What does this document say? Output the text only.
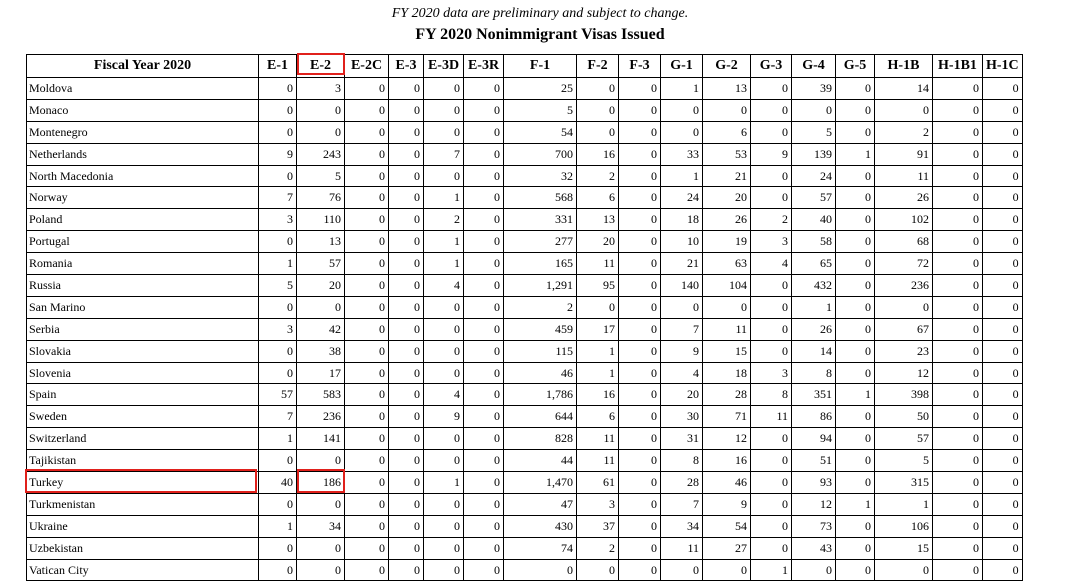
FY 2020 data are preliminary and subject to change.
FY 2020 Nonimmigrant Visas Issued
Fiscal Year 2020	E-1	E-2	E-2C	E-3	E-3D	E-3R	F-1	F-2	F-3	G-1	G-2	G-3	G-4	G-5	H-1B	H-1B1	H-1C
Moldova	0	3	0	0	0	0	25	0	0	1	13	0	39	0	14	0	0
Monaco	0	0	0	0	0	0	5	0	0	0	0	0	0	0	0	0	0
Montenegro	0	0	0	0	0	0	54	0	0	0	6	0	5	0	2	0	0
Netherlands	9	243	0	0	7	0	700	16	0	33	53	9	139	1	91	0	0
North Macedonia	0	5	0	0	0	0	32	2	0	1	21	0	24	0	11	0	0
Norway	7	76	0	0	1	0	568	6	0	24	20	0	57	0	26	0	0
Poland	3	110	0	0	2	0	331	13	0	18	26	2	40	0	102	0	0
Portugal	0	13	0	0	1	0	277	20	0	10	19	3	58	0	68	0	0
Romania	1	57	0	0	1	0	165	11	0	21	63	4	65	0	72	0	0
Russia	5	20	0	0	4	0	1,291	95	0	140	104	0	432	0	236	0	0
San Marino	0	0	0	0	0	0	2	0	0	0	0	0	1	0	0	0	0
Serbia	3	42	0	0	0	0	459	17	0	7	11	0	26	0	67	0	0
Slovakia	0	38	0	0	0	0	115	1	0	9	15	0	14	0	23	0	0
Slovenia	0	17	0	0	0	0	46	1	0	4	18	3	8	0	12	0	0
Spain	57	583	0	0	4	0	1,786	16	0	20	28	8	351	1	398	0	0
Sweden	7	236	0	0	9	0	644	6	0	30	71	11	86	0	50	0	0
Switzerland	1	141	0	0	0	0	828	11	0	31	12	0	94	0	57	0	0
Tajikistan	0	0	0	0	0	0	44	11	0	8	16	0	51	0	5	0	0
Turkey	40	186	0	0	1	0	1,470	61	0	28	46	0	93	0	315	0	0
Turkmenistan	0	0	0	0	0	0	47	3	0	7	9	0	12	1	1	0	0
Ukraine	1	34	0	0	0	0	430	37	0	34	54	0	73	0	106	0	0
Uzbekistan	0	0	0	0	0	0	74	2	0	11	27	0	43	0	15	0	0
Vatican City	0	0	0	0	0	0	0	0	0	0	0	1	0	0	0	0	0
